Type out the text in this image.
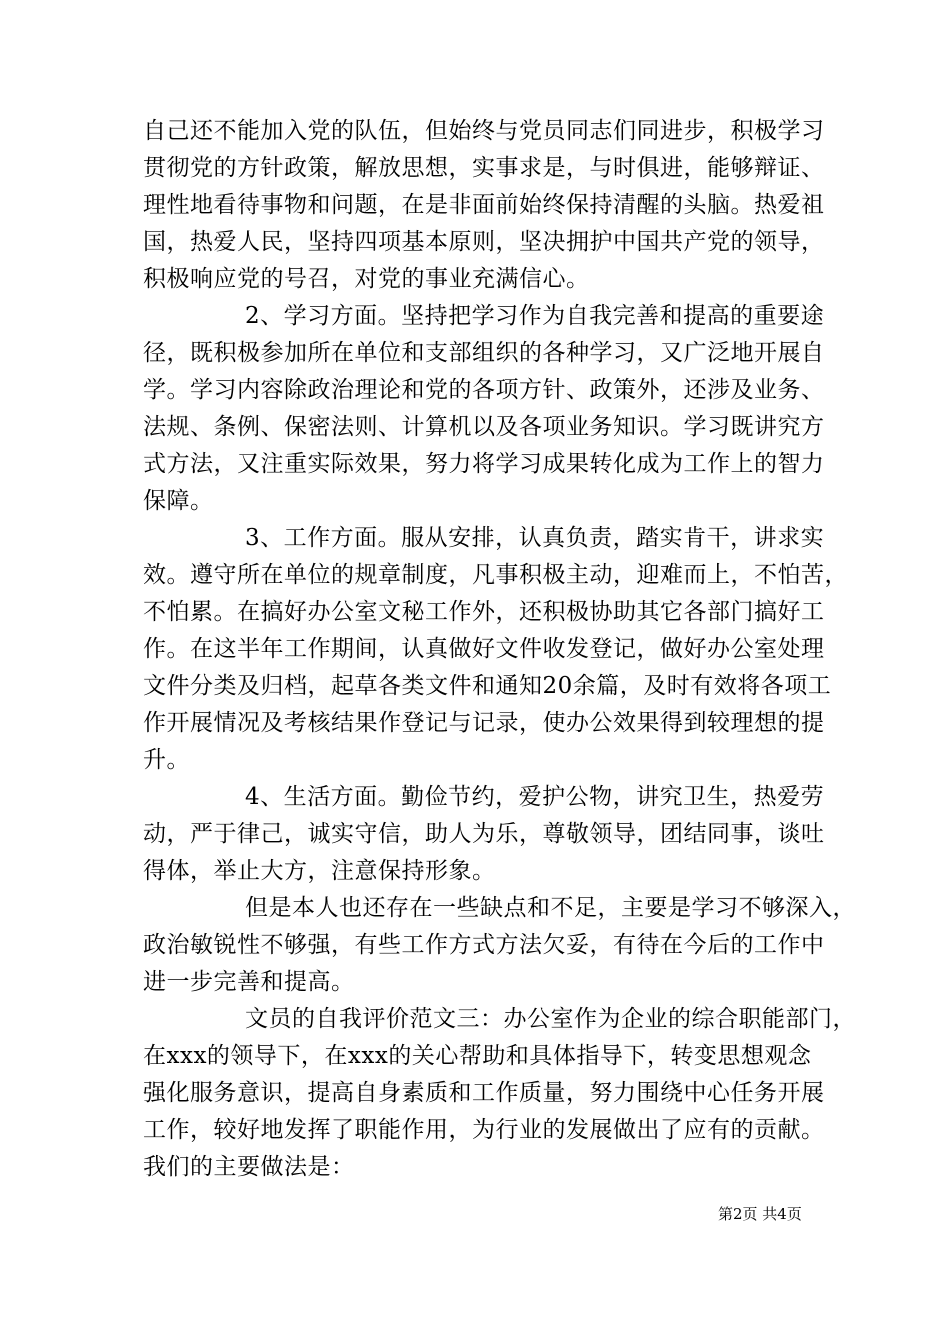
自己还不能加入党的队伍，但始终与党员同志们同进步，积极学习
贯彻党的方针政策，解放思想，实事求是，与时俱进，能够辩证、
理性地看待事物和问题，在是非面前始终保持清醒的头脑。热爱祖
国，热爱人民，坚持四项基本原则，坚决拥护中国共产党的领导，
积极响应党的号召，对党的事业充满信心。
2、学习方面。坚持把学习作为自我完善和提高的重要途
径，既积极参加所在单位和支部组织的各种学习，又广泛地开展自
学。学习内容除政治理论和党的各项方针、政策外，还涉及业务、
法规、条例、保密法则、计算机以及各项业务知识。学习既讲究方
式方法，又注重实际效果，努力将学习成果转化成为工作上的智力
保障。
3、工作方面。服从安排，认真负责，踏实肯干，讲求实
效。遵守所在单位的规章制度，凡事积极主动，迎难而上，不怕苦，
不怕累。在搞好办公室文秘工作外，还积极协助其它各部门搞好工
作。在这半年工作期间，认真做好文件收发登记，做好办公室处理
文件分类及归档，起草各类文件和通知20余篇，及时有效将各项工
作开展情况及考核结果作登记与记录，使办公效果得到较理想的提
升。
4、生活方面。勤俭节约，爱护公物，讲究卫生，热爱劳
动，严于律己，诚实守信，助人为乐，尊敬领导，团结同事，谈吐
得体，举止大方，注意保持形象。
但是本人也还存在一些缺点和不足，主要是学习不够深入，
政治敏锐性不够强，有些工作方式方法欠妥，有待在今后的工作中
进一步完善和提高。
文员的自我评价范文三：办公室作为企业的综合职能部门，
在xxx的领导下，在xxx的关心帮助和具体指导下，转变思想观念
强化服务意识，提高自身素质和工作质量，努力围绕中心任务开展
工作，较好地发挥了职能作用，为行业的发展做出了应有的贡献。
我们的主要做法是：
第2页 共4页
